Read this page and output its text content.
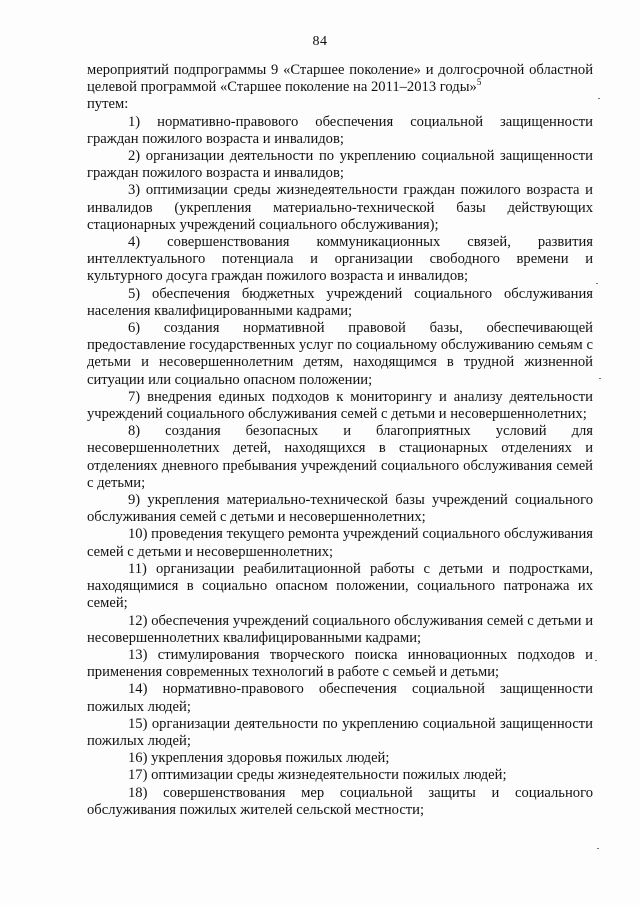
84

мероприятий подпрограммы 9 «Старшее поколение» и долгосрочной областной целевой программой «Старшее поколение на 2011–2013 годы»$^5$
путем:

1) нормативно-правового обеспечения социальной защищенности граждан пожилого возраста и инвалидов;

2) организации деятельности по укреплению социальной защищенности граждан пожилого возраста и инвалидов;

3) оптимизации среды жизнедеятельности граждан пожилого возраста и инвалидов (укрепления материально-технической базы действующих стационарных учреждений социального обслуживания);

4) совершенствования коммуникационных связей, развития интеллектуального потенциала и организации свободного времени и культурного досуга граждан пожилого возраста и инвалидов;

5) обеспечения бюджетных учреждений социального обслуживания населения квалифицированными кадрами;

6) создания нормативной правовой базы, обеспечивающей предоставление государственных услуг по социальному обслуживанию семьям с детьми и несовершеннолетним детям, находящимся в трудной жизненной ситуации или социально опасном положении;

7) внедрения единых подходов к мониторингу и анализу деятельности учреждений социального обслуживания семей с детьми и несовершеннолетних;

8) создания безопасных и благоприятных условий для несовершеннолетних детей, находящихся в стационарных отделениях и отделениях дневного пребывания учреждений социального обслуживания семей с детьми;

9) укрепления материально-технической базы учреждений социального обслуживания семей с детьми и несовершеннолетних;

10) проведения текущего ремонта учреждений социального обслуживания семей с детьми и несовершеннолетних;

11) организации реабилитационной работы с детьми и подростками, находящимися в социально опасном положении, социального патронажа их семей;

12) обеспечения учреждений социального обслуживания семей с детьми и несовершеннолетних квалифицированными кадрами;

13) стимулирования творческого поиска инновационных подходов и применения современных технологий в работе с семьей и детьми;

14) нормативно-правового обеспечения социальной защищенности пожилых людей;

15) организации деятельности по укреплению социальной защищенности пожилых людей;

16) укрепления здоровья пожилых людей;

17) оптимизации среды жизнедеятельности пожилых людей;

18) совершенствования мер социальной защиты и социального обслуживания пожилых жителей сельской местности;
